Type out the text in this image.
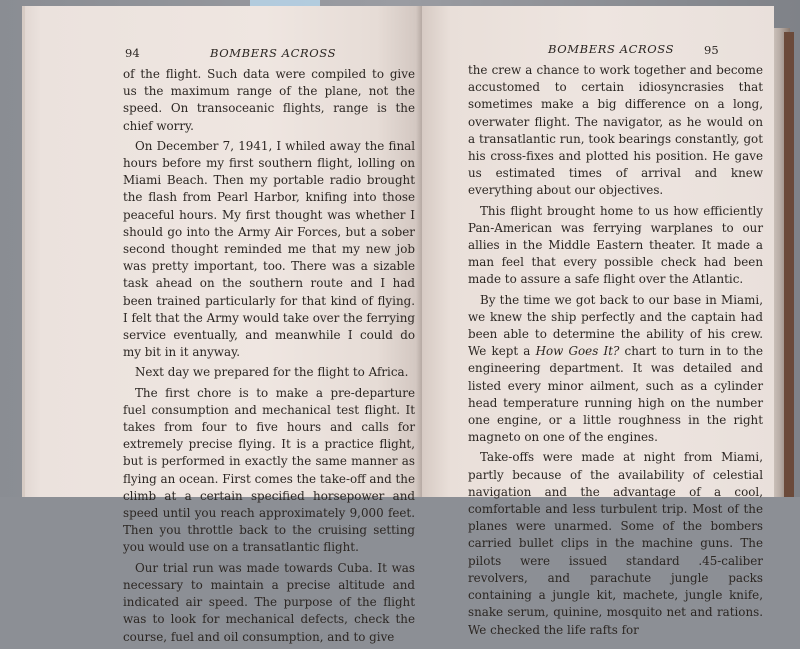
94	BOMBERS ACROSS

of the flight. Such data were compiled to give us the maximum range of the plane, not the speed. On transoceanic flights, range is the chief worry.

On December 7, 1941, I whiled away the final hours before my first southern flight, lolling on Miami Beach. Then my portable radio brought the flash from Pearl Harbor, knifing into those peaceful hours. My first thought was whether I should go into the Army Air Forces, but a sober second thought reminded me that my new job was pretty important, too. There was a sizable task ahead on the southern route and I had been trained particularly for that kind of flying. I felt that the Army would take over the ferrying service eventually, and meanwhile I could do my bit in it anyway.

Next day we prepared for the flight to Africa.

The first chore is to make a pre-departure fuel consumption and mechanical test flight. It takes from four to five hours and calls for extremely precise flying. It is a practice flight, but is performed in exactly the same manner as flying an ocean. First comes the take-off and the climb at a certain specified horsepower and speed until you reach approximately 9,000 feet. Then you throttle back to the cruising setting you would use on a transatlantic flight.

Our trial run was made towards Cuba. It was necessary to maintain a precise altitude and indicated air speed. The purpose of the flight was to look for mechanical defects, check the course, fuel and oil consumption, and to give

BOMBERS ACROSS	95

the crew a chance to work together and become accustomed to certain idiosyncrasies that sometimes make a big difference on a long, overwater flight. The navigator, as he would on a transatlantic run, took bearings constantly, got his cross-fixes and plotted his position. He gave us estimated times of arrival and knew everything about our objectives.

This flight brought home to us how efficiently Pan-American was ferrying warplanes to our allies in the Middle Eastern theater. It made a man feel that every possible check had been made to assure a safe flight over the Atlantic.

By the time we got back to our base in Miami, we knew the ship perfectly and the captain had been able to determine the ability of his crew. We kept a How Goes It? chart to turn in to the engineering department. It was detailed and listed every minor ailment, such as a cylinder head temperature running high on the number one engine, or a little roughness in the right magneto on one of the engines.

Take-offs were made at night from Miami, partly because of the availability of celestial navigation and the advantage of a cool, comfortable and less turbulent trip. Most of the planes were unarmed. Some of the bombers carried bullet clips in the machine guns. The pilots were issued standard .45-caliber revolvers, and parachute jungle packs containing a jungle kit, machete, jungle knife, snake serum, quinine, mosquito net and rations. We checked the life rafts for
